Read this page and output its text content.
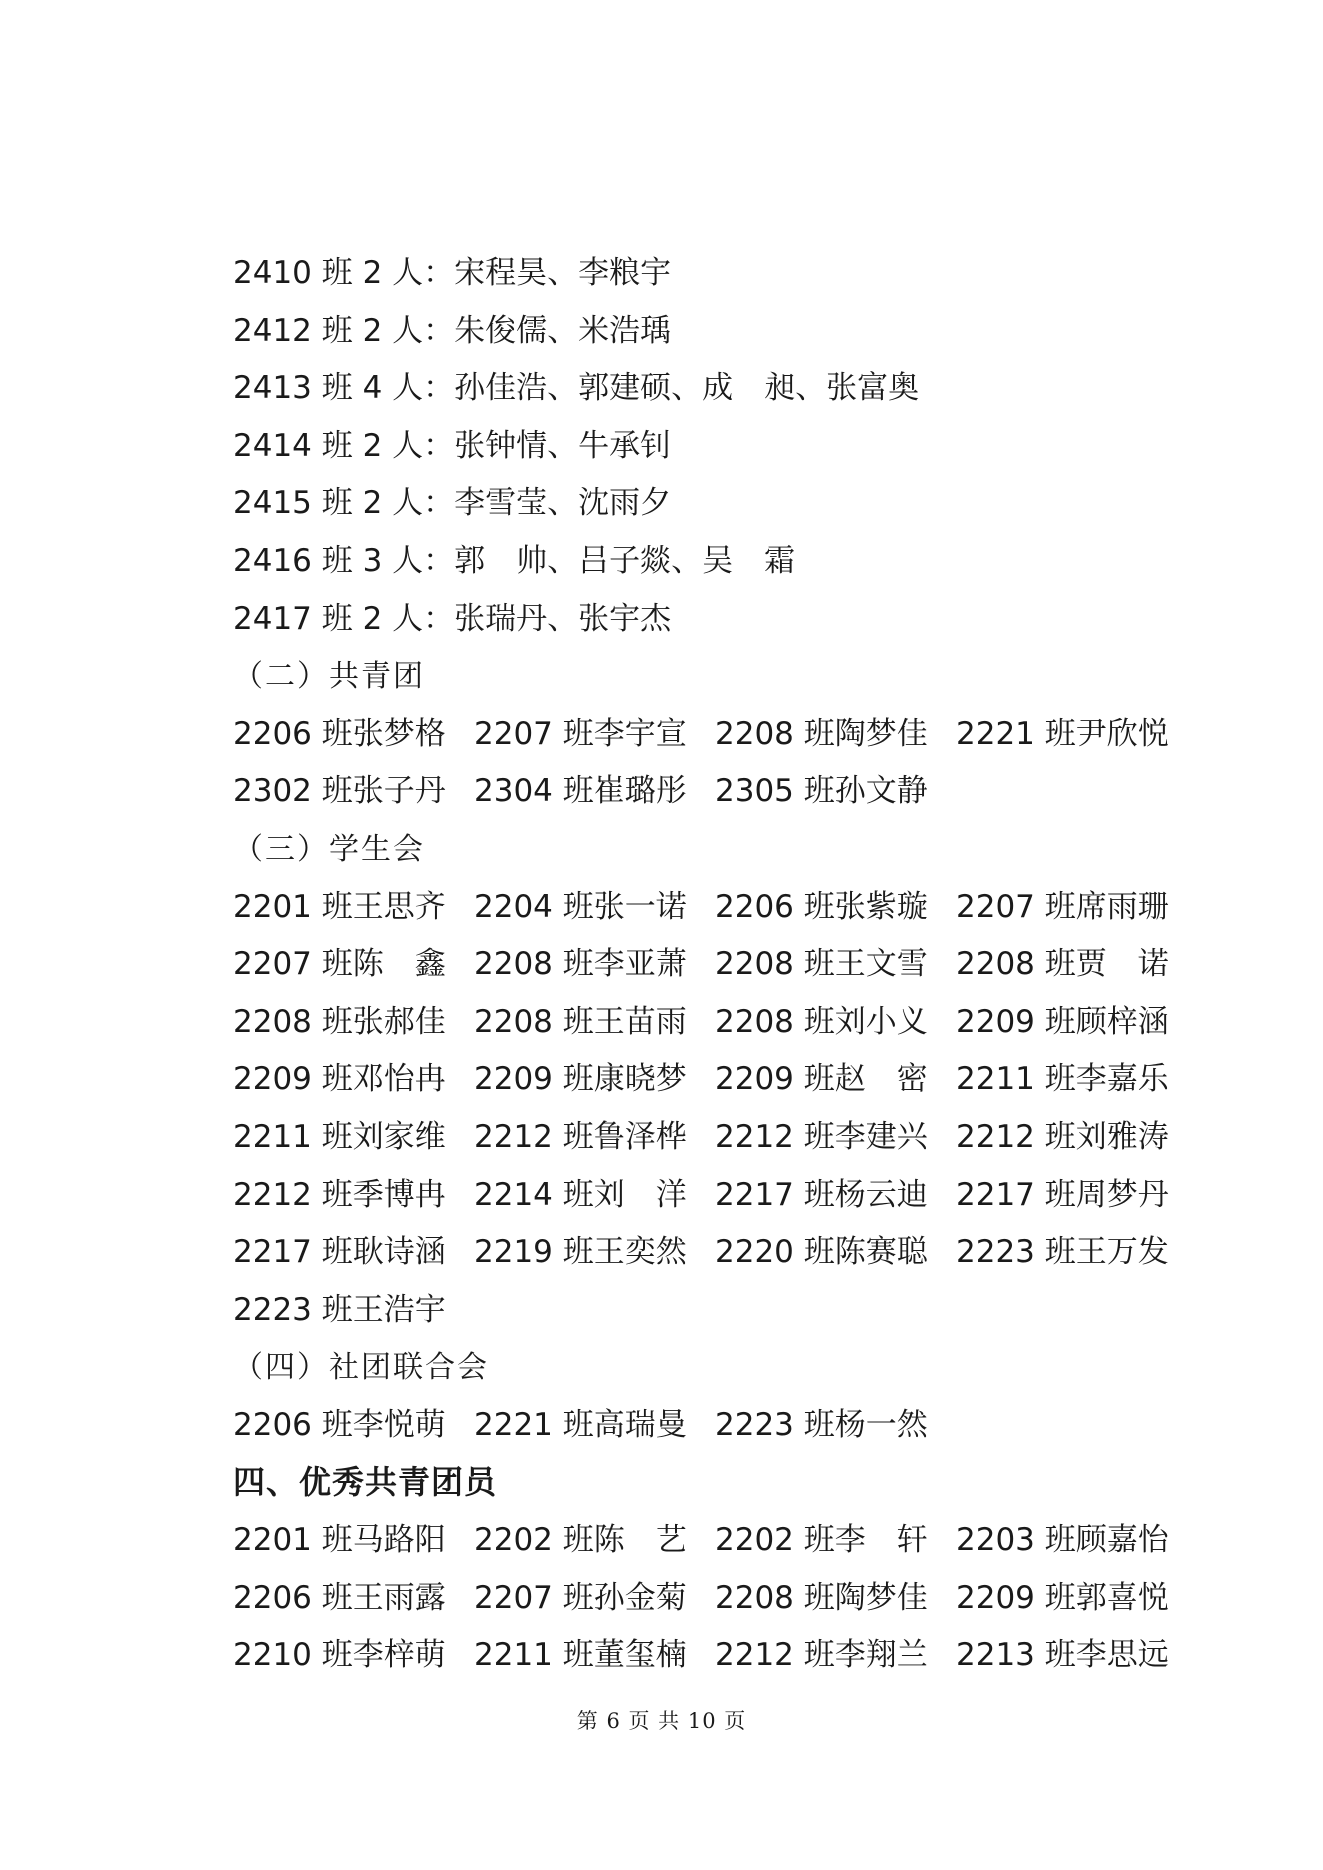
2410 班 2 人：宋程昊、李粮宇
2412 班 2 人：朱俊儒、米浩瑀
2413 班 4 人：孙佳浩、郭建硕、成　昶、张富奥
2414 班 2 人：张钟情、牛承钊
2415 班 2 人：李雪莹、沈雨夕
2416 班 3 人：郭　帅、吕子燚、吴　霜
2417 班 2 人：张瑞丹、张宇杰
（二）共青团
2206 班张梦格 2207 班李宇宣 2208 班陶梦佳 2221 班尹欣悦
2302 班张子丹 2304 班崔璐彤 2305 班孙文静
（三）学生会
2201 班王思齐 2204 班张一诺 2206 班张紫璇 2207 班席雨珊
2207 班陈　鑫 2208 班李亚萧 2208 班王文雪 2208 班贾　诺
2208 班张郝佳 2208 班王苗雨 2208 班刘小义 2209 班顾梓涵
2209 班邓怡冉 2209 班康晓梦 2209 班赵　密 2211 班李嘉乐
2211 班刘家维 2212 班鲁泽桦 2212 班李建兴 2212 班刘雅涛
2212 班季博冉 2214 班刘　洋 2217 班杨云迪 2217 班周梦丹
2217 班耿诗涵 2219 班王奕然 2220 班陈赛聪 2223 班王万发
2223 班王浩宇
（四）社团联合会
2206 班李悦萌 2221 班高瑞曼 2223 班杨一然
四、优秀共青团员
2201 班马路阳 2202 班陈　艺 2202 班李　轩 2203 班顾嘉怡
2206 班王雨露 2207 班孙金菊 2208 班陶梦佳 2209 班郭喜悦
2210 班李梓萌 2211 班董玺楠 2212 班李翔兰 2213 班李思远
第 6 页 共 10 页
